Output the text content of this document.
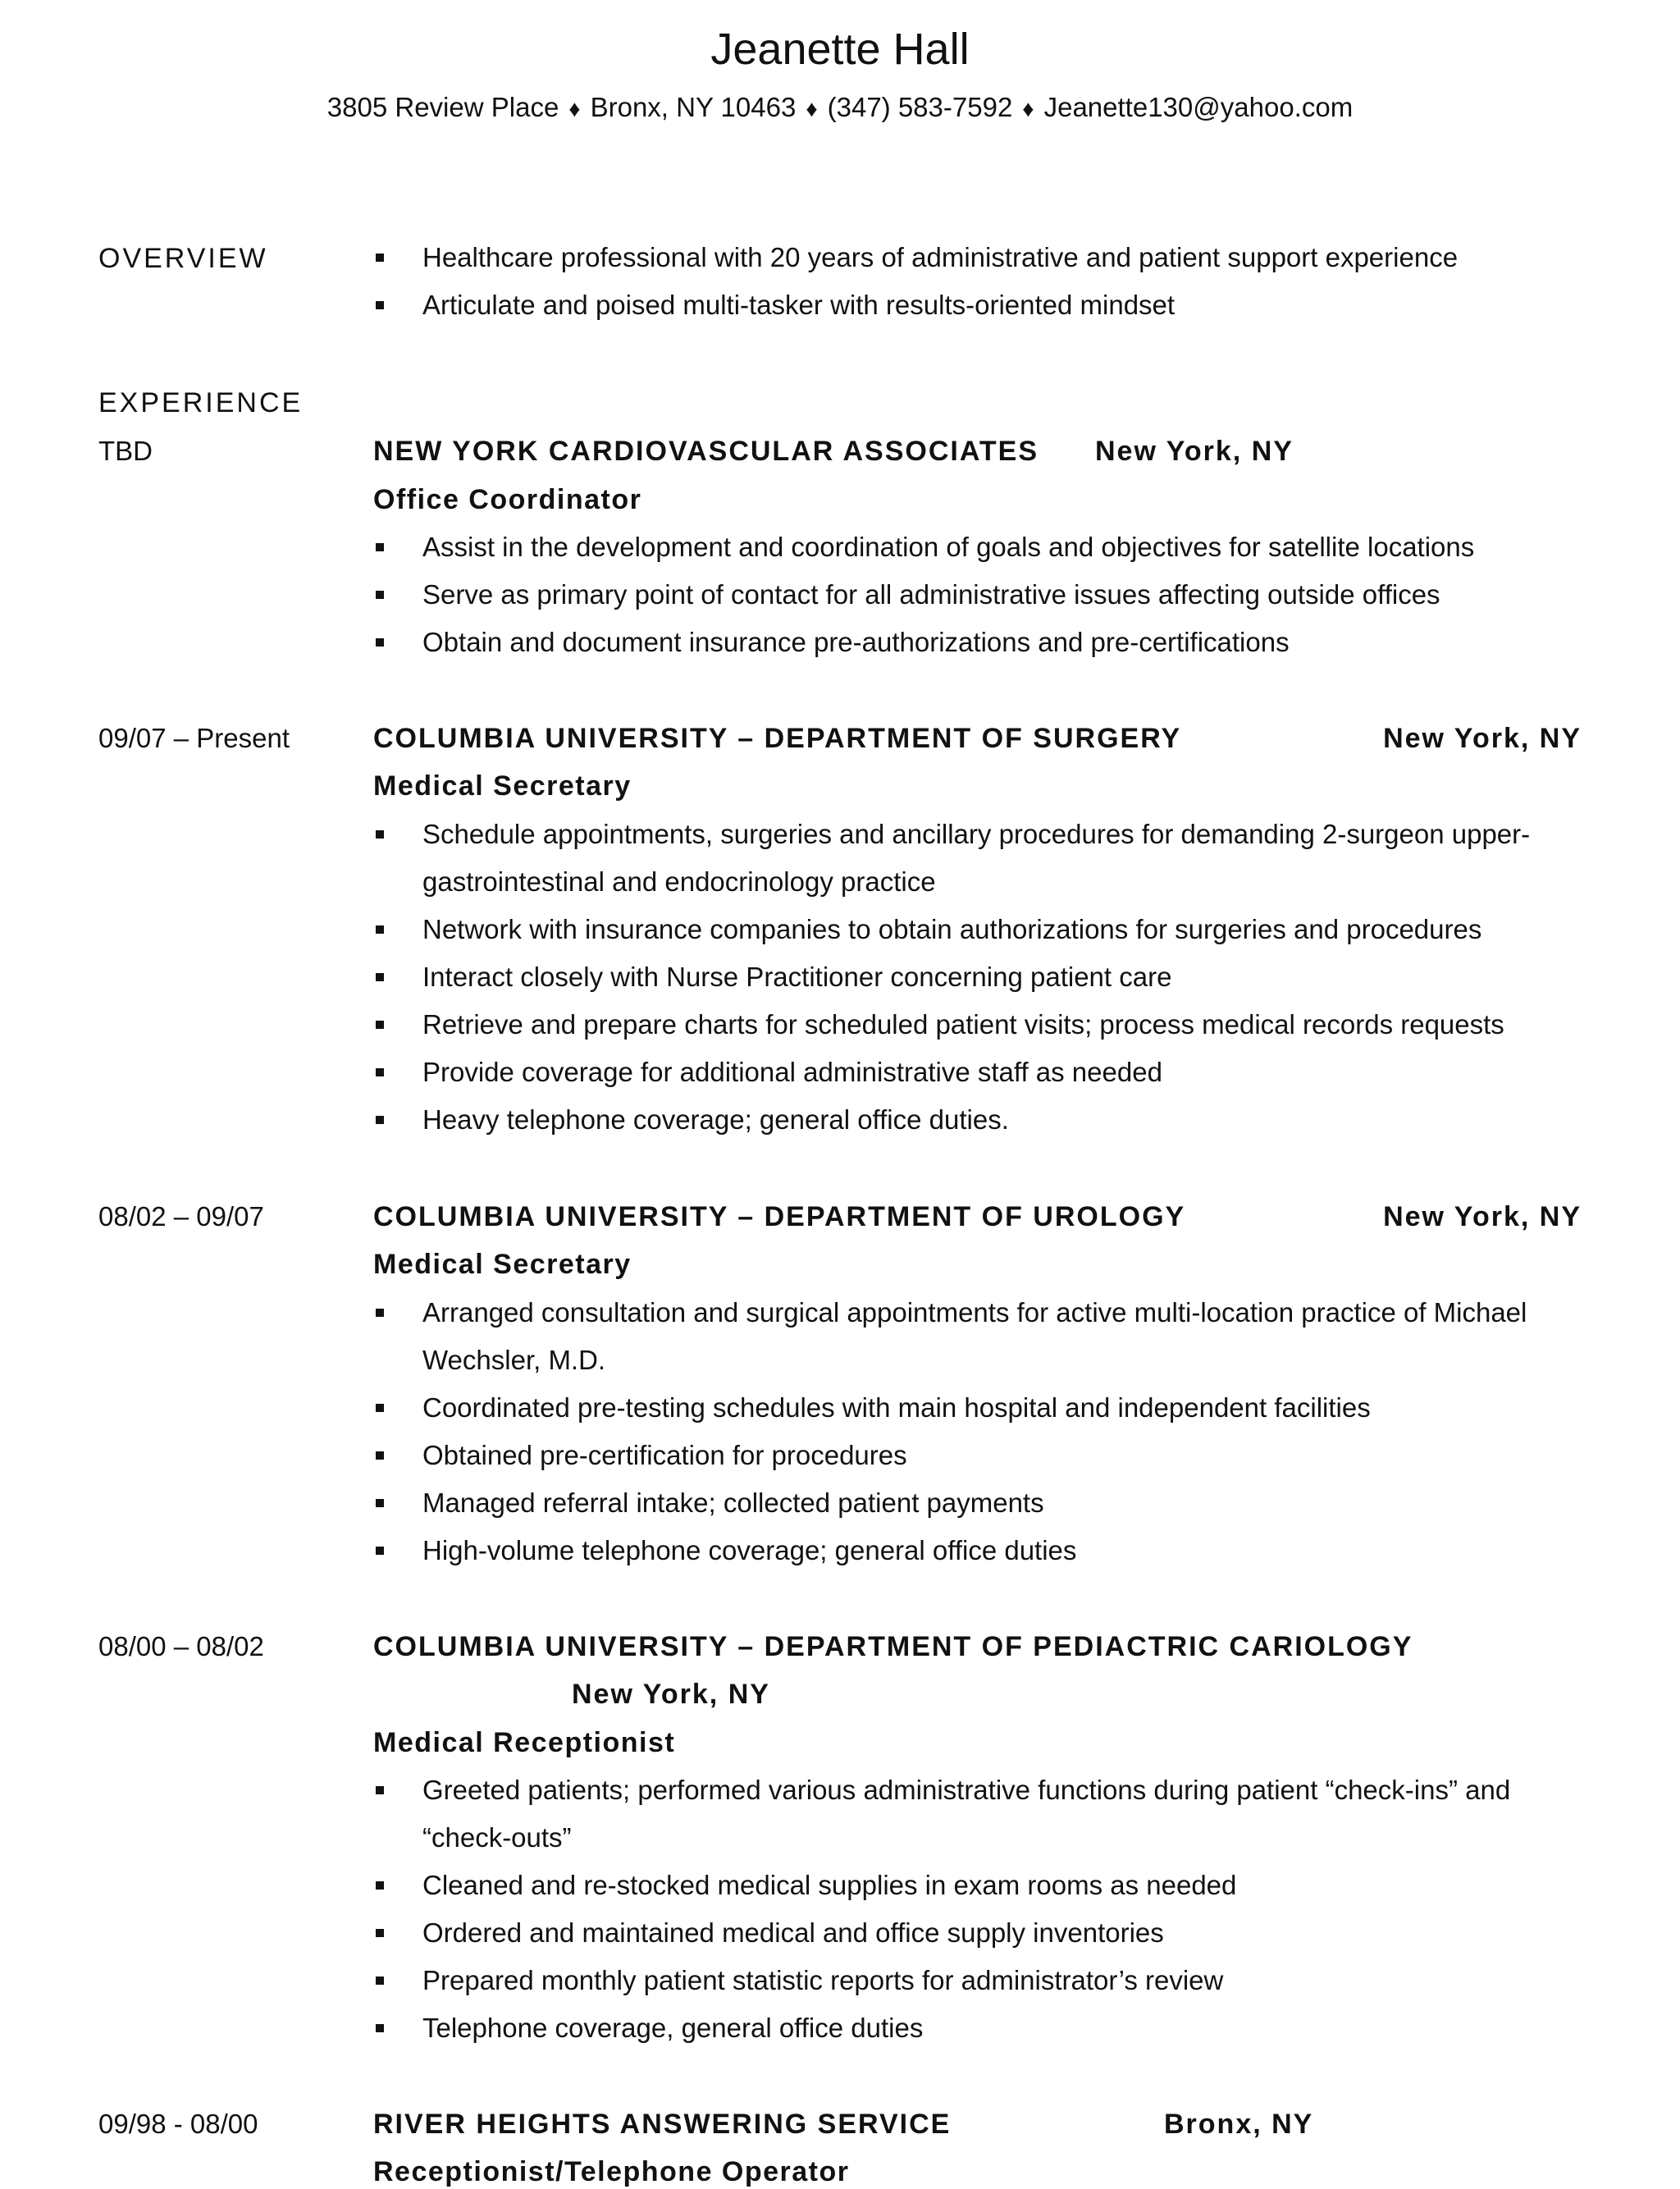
Jeanette Hall
3805 Review Place ♦ Bronx, NY 10463 ♦ (347) 583-7592 ♦ Jeanette130@yahoo.com
OVERVIEW	Healthcare professional with 20 years of administrative and patient support experience
Articulate and poised multi-tasker with results-oriented mindset
EXPERIENCE
TBD	NEW YORK CARDIOVASCULAR ASSOCIATES New York, NY
Office Coordinator
Assist in the development and coordination of goals and objectives for satellite locations
Serve as primary point of contact for all administrative issues affecting outside offices
Obtain and document insurance pre-authorizations and pre-certifications
09/07 – Present	COLUMBIA UNIVERSITY – DEPARTMENT OF SURGERY	New York, NY
Medical Secretary
Schedule appointments, surgeries and ancillary procedures for demanding 2-surgeon upper-gastrointestinal and endocrinology practice
Network with insurance companies to obtain authorizations for surgeries and procedures
Interact closely with Nurse Practitioner concerning patient care
Retrieve and prepare charts for scheduled patient visits; process medical records requests
Provide coverage for additional administrative staff as needed
Heavy telephone coverage; general office duties.
08/02 – 09/07	COLUMBIA UNIVERSITY – DEPARTMENT OF UROLOGY	New York, NY
Medical Secretary
Arranged consultation and surgical appointments for active multi-location practice of Michael Wechsler, M.D.
Coordinated pre-testing schedules with main hospital and independent facilities
Obtained pre-certification for procedures
Managed referral intake; collected patient payments
High-volume telephone coverage; general office duties
08/00 – 08/02	COLUMBIA UNIVERSITY – DEPARTMENT OF PEDIACTRIC CARIOLOGY
New York, NY
Medical Receptionist
Greeted patients; performed various administrative functions during patient “check-ins” and “check-outs”
Cleaned and re-stocked medical supplies in exam rooms as needed
Ordered and maintained medical and office supply inventories
Prepared monthly patient statistic reports for administrator’s review
Telephone coverage, general office duties
09/98 - 08/00	RIVER HEIGHTS ANSWERING SERVICE	Bronx, NY
Receptionist/Telephone Operator
